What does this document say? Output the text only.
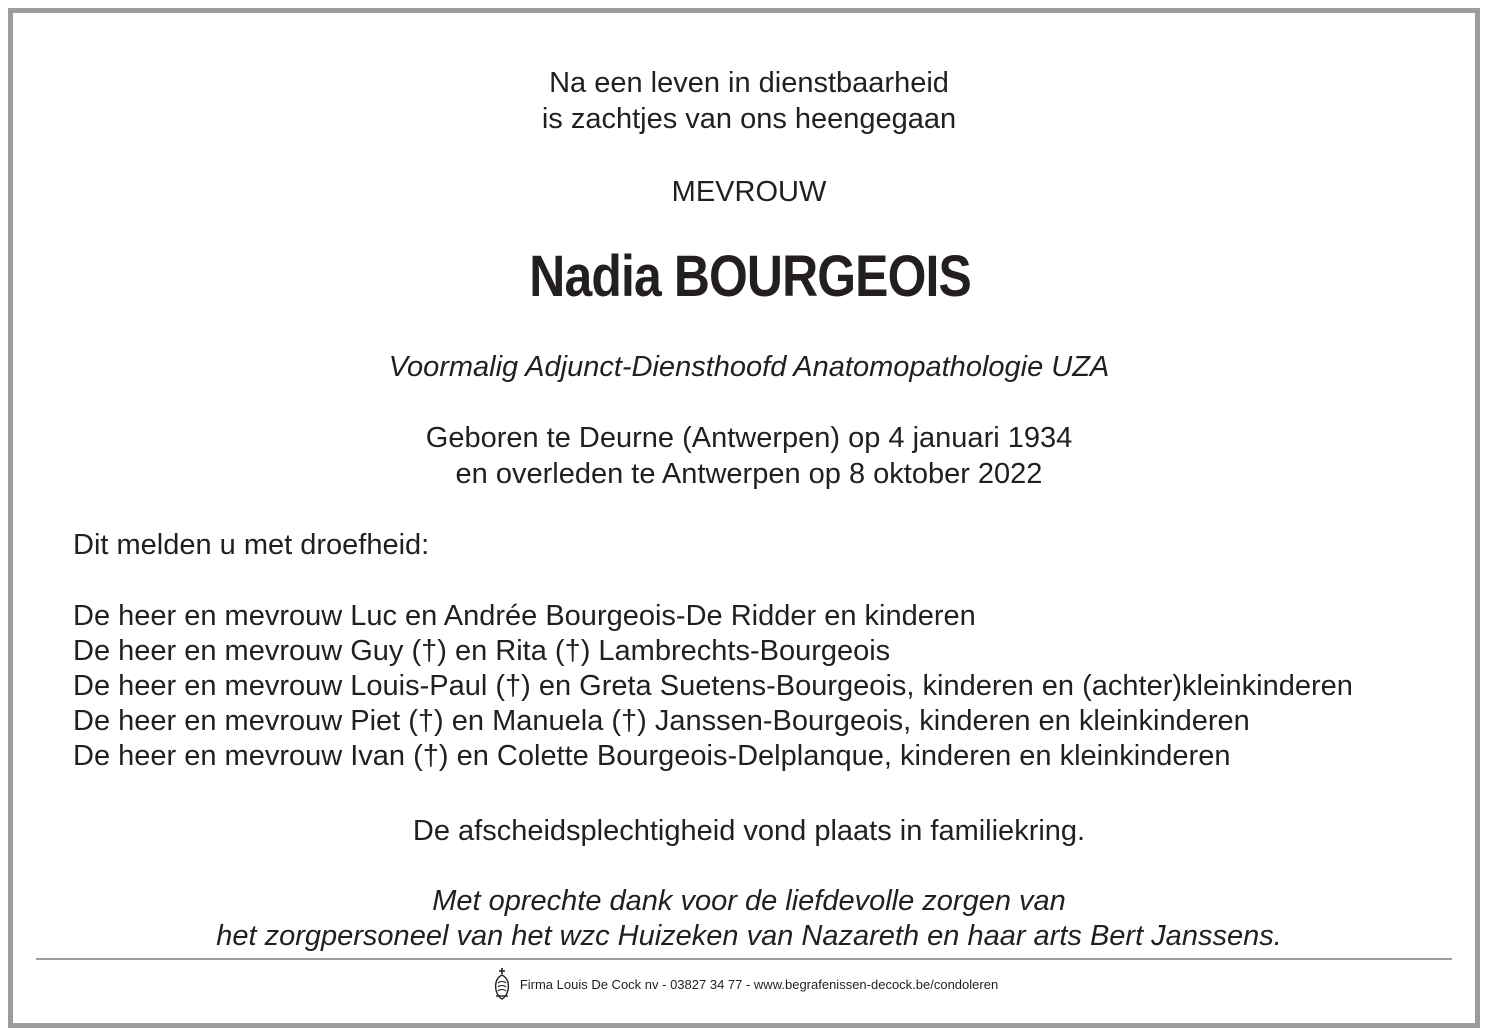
Na een leven in dienstbaarheid
is zachtjes van ons heengegaan
MEVROUW
Nadia BOURGEOIS
Voormalig Adjunct-Diensthoofd Anatomopathologie UZA
Geboren te Deurne (Antwerpen) op 4 januari 1934
en overleden te Antwerpen op 8 oktober 2022
Dit melden u met droefheid:
De heer en mevrouw Luc en Andrée Bourgeois-De Ridder en kinderen
De heer en mevrouw Guy (†) en Rita (†) Lambrechts-Bourgeois
De heer en mevrouw Louis-Paul (†) en Greta Suetens-Bourgeois, kinderen en (achter)kleinkinderen
De heer en mevrouw Piet (†) en Manuela (†) Janssen-Bourgeois, kinderen en kleinkinderen
De heer en mevrouw Ivan (†) en Colette Bourgeois-Delplanque, kinderen en kleinkinderen
De afscheidsplechtigheid vond plaats in familiekring.
Met oprechte dank voor de liefdevolle zorgen van
het zorgpersoneel van het wzc Huizeken van Nazareth en haar arts Bert Janssens.
Firma Louis De Cock nv - 03827 34 77 - www.begrafenissen-decock.be/condoleren
